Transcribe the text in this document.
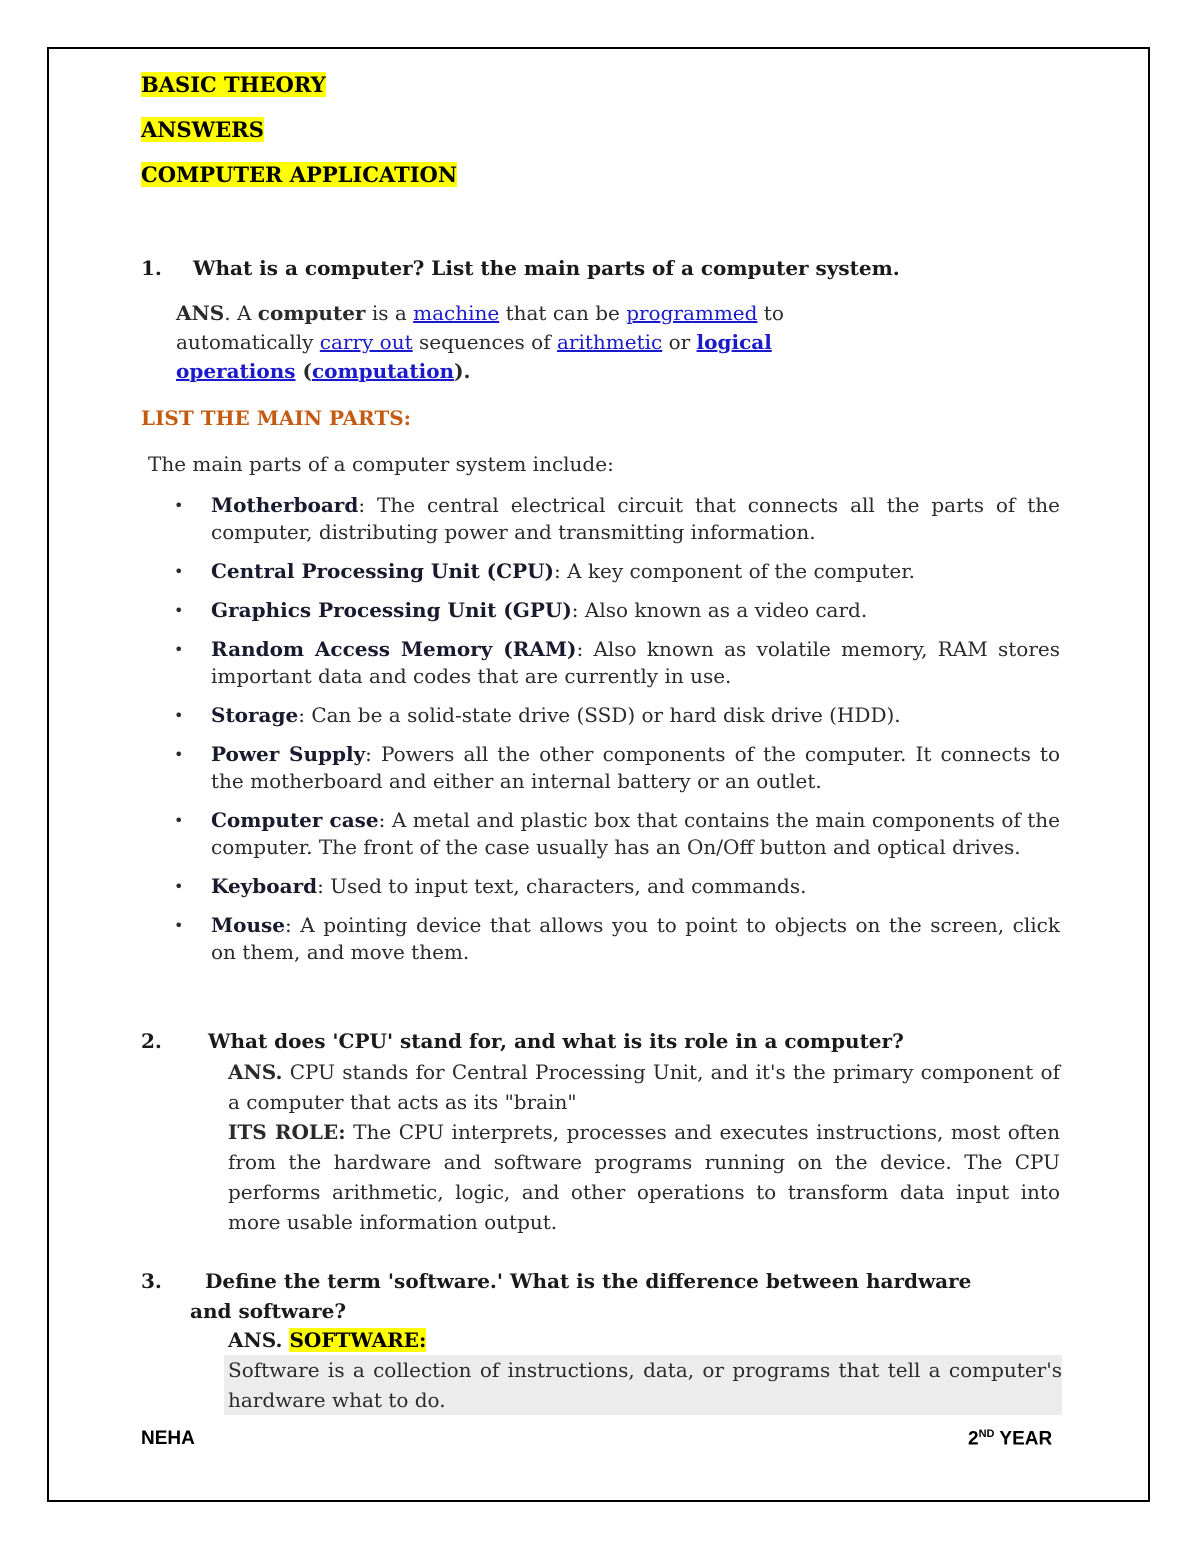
BASIC THEORY
ANSWERS
COMPUTER APPLICATION
1. What is a computer? List the main parts of a computer system.
ANS. A computer is a machine that can be programmed to
automatically carry out sequences of arithmetic or logical
operations (computation).
LIST THE MAIN PARTS:
The main parts of a computer system include:
• Motherboard: The central electrical circuit that connects all the parts of the computer, distributing power and transmitting information.
• Central Processing Unit (CPU): A key component of the computer.
• Graphics Processing Unit (GPU): Also known as a video card.
• Random Access Memory (RAM): Also known as volatile memory, RAM stores important data and codes that are currently in use.
• Storage: Can be a solid-state drive (SSD) or hard disk drive (HDD).
• Power Supply: Powers all the other components of the computer. It connects to the motherboard and either an internal battery or an outlet.
• Computer case: A metal and plastic box that contains the main components of the computer. The front of the case usually has an On/Off button and optical drives.
• Keyboard: Used to input text, characters, and commands.
• Mouse: A pointing device that allows you to point to objects on the screen, click on them, and move them.
2. What does 'CPU' stand for, and what is its role in a computer?
ANS. CPU stands for Central Processing Unit, and it's the primary component of a computer that acts as its "brain"
ITS ROLE: The CPU interprets, processes and executes instructions, most often from the hardware and software programs running on the device. The CPU performs arithmetic, logic, and other operations to transform data input into more usable information output.
3. Define the term 'software.' What is the difference between hardware
and software?
ANS. SOFTWARE:
Software is a collection of instructions, data, or programs that tell a computer's hardware what to do.
NEHA	2ND YEAR
